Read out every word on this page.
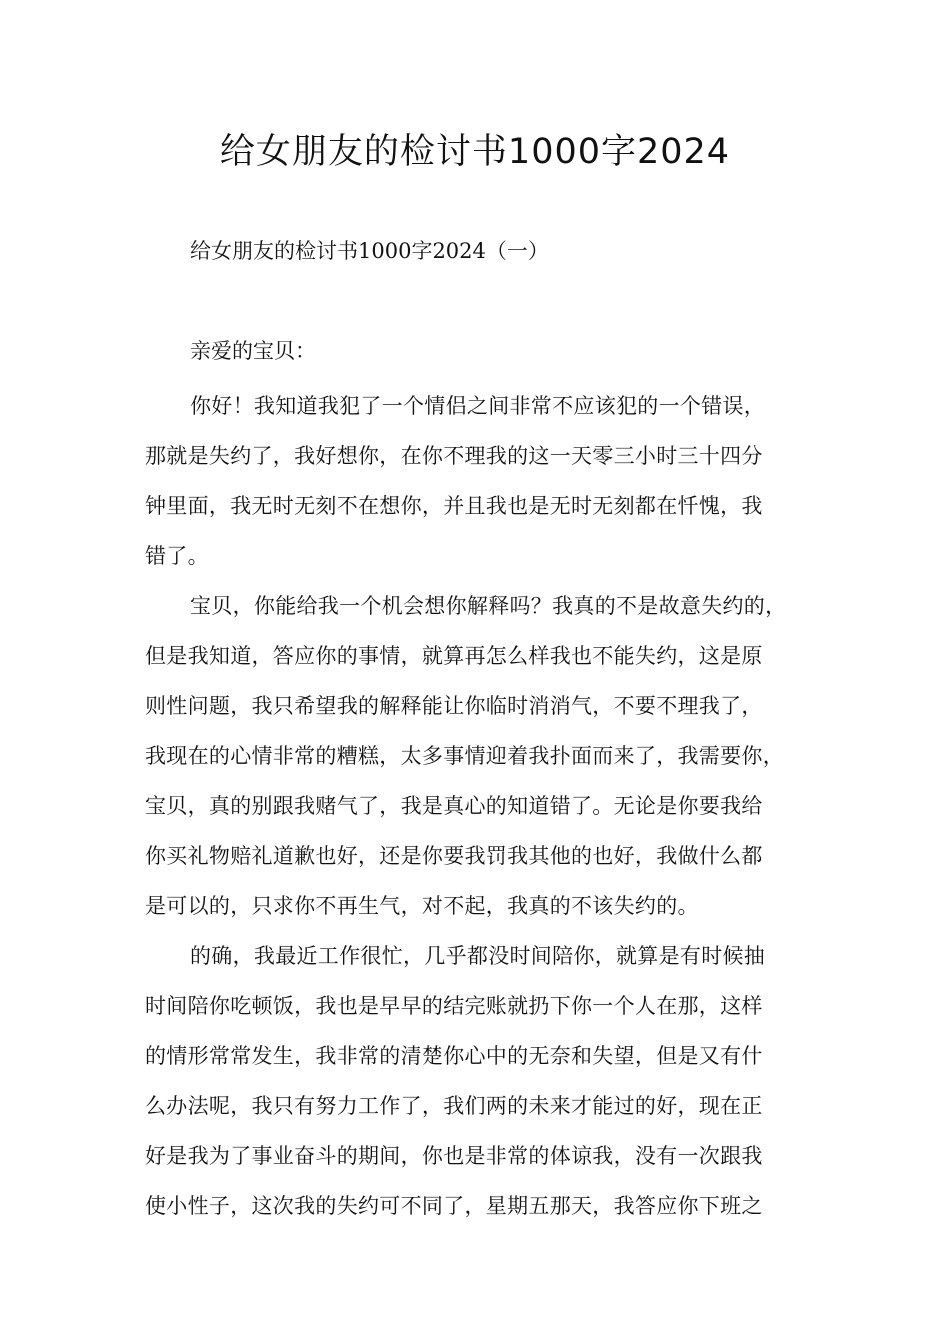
给女朋友的检讨书1000字2024

给女朋友的检讨书1000字2024（一）

亲爱的宝贝：

你好！我知道我犯了一个情侣之间非常不应该犯的一个错误，
那就是失约了，我好想你，在你不理我的这一天零三小时三十四分
钟里面，我无时无刻不在想你，并且我也是无时无刻都在忏愧，我
错了。

宝贝，你能给我一个机会想你解释吗？我真的不是故意失约的，
但是我知道，答应你的事情，就算再怎么样我也不能失约，这是原
则性问题，我只希望我的解释能让你临时消消气，不要不理我了，
我现在的心情非常的糟糕，太多事情迎着我扑面而来了，我需要你，
宝贝，真的别跟我赌气了，我是真心的知道错了。无论是你要我给
你买礼物赔礼道歉也好，还是你要我罚我其他的也好，我做什么都
是可以的，只求你不再生气，对不起，我真的不该失约的。

的确，我最近工作很忙，几乎都没时间陪你，就算是有时候抽
时间陪你吃顿饭，我也是早早的结完账就扔下你一个人在那，这样
的情形常常发生，我非常的清楚你心中的无奈和失望，但是又有什
么办法呢，我只有努力工作了，我们两的未来才能过的好，现在正
好是我为了事业奋斗的期间，你也是非常的体谅我，没有一次跟我
使小性子，这次我的失约可不同了，星期五那天，我答应你下班之
